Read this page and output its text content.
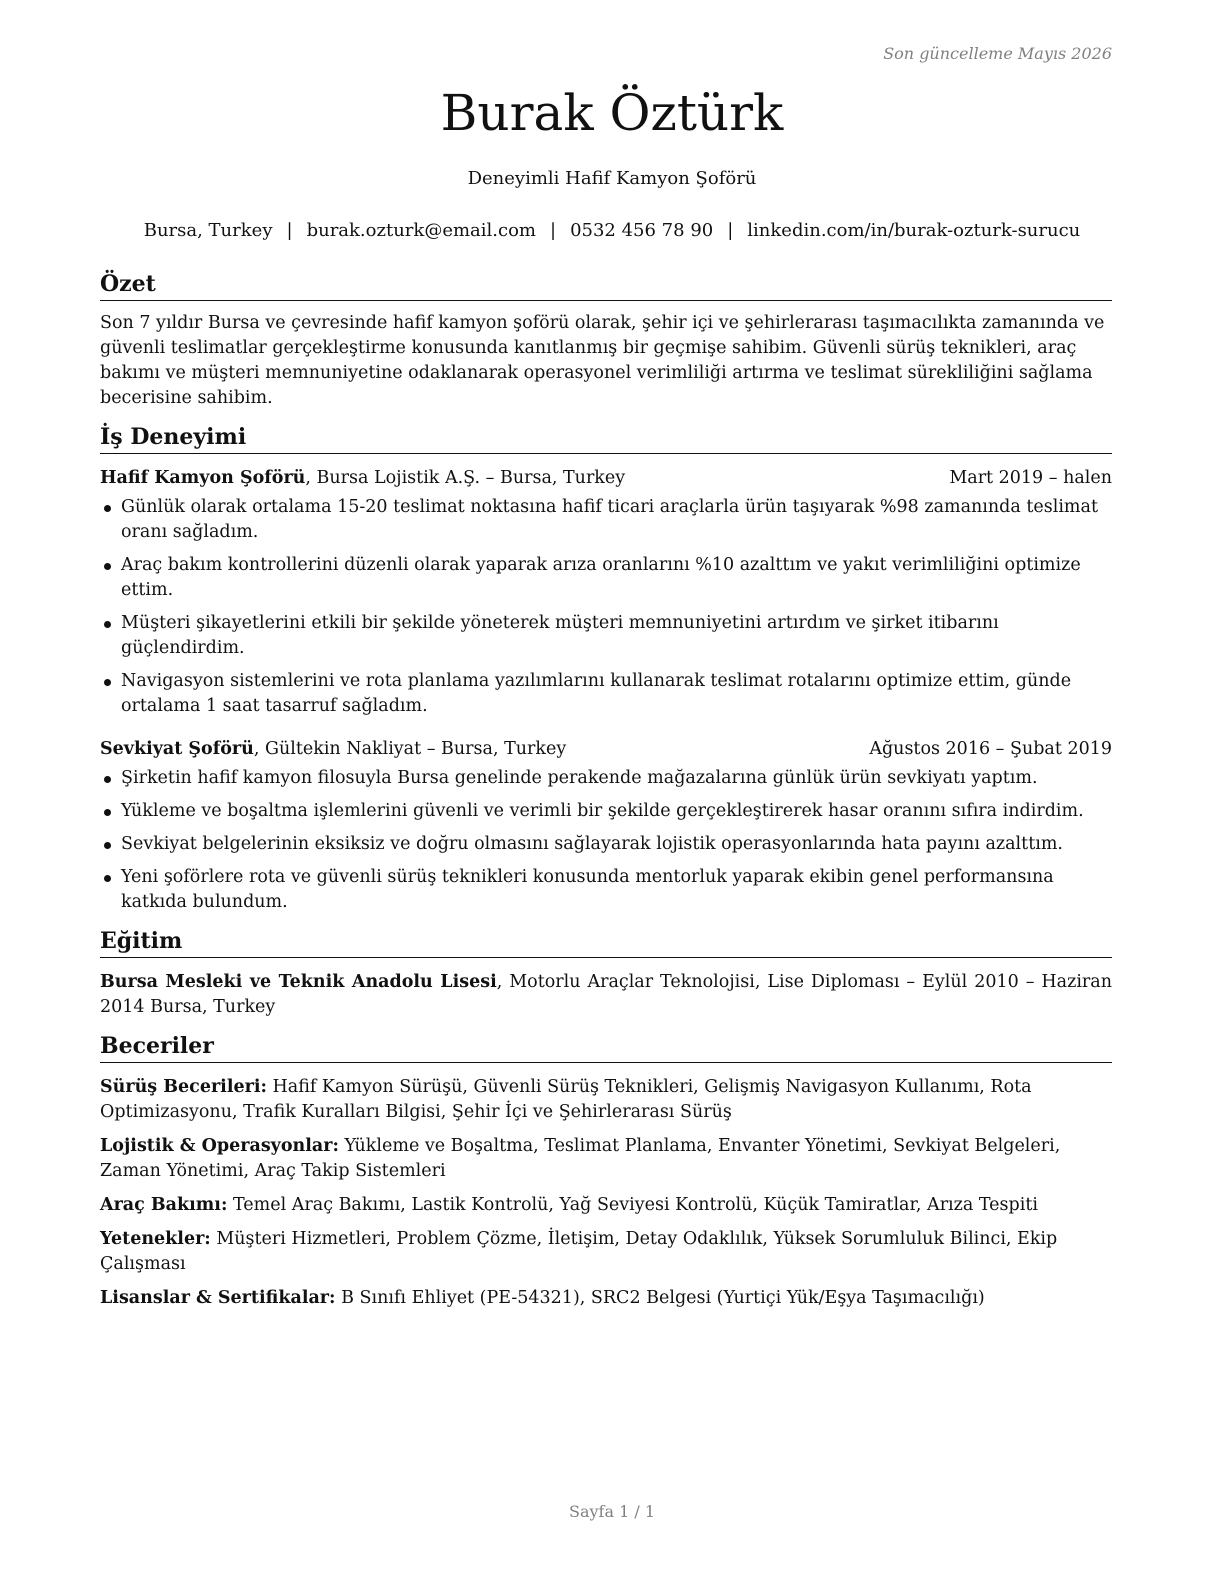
Son güncelleme Mayıs 2026
Burak Öztürk
Deneyimli Hafif Kamyon Şoförü
Bursa, Turkey | burak.ozturk@email.com | 0532 456 78 90 | linkedin.com/in/burak-ozturk-surucu
Özet

Son 7 yıldır Bursa ve çevresinde hafif kamyon şoförü olarak, şehir içi ve şehirlerarası taşımacılıkta zamanında ve güvenli teslimatlar gerçekleştirme konusunda kanıtlanmış bir geçmişe sahibim. Güvenli sürüş teknikleri, araç bakımı ve müşteri memnuniyetine odaklanarak operasyonel verimliliği artırma ve teslimat sürekliliğini sağlama becerisine sahibim.

İş Deneyimi
Hafif Kamyon Şoförü, Bursa Lojistik A.Ş. – Bursa, Turkey	Mart 2019 – halen
Günlük olarak ortalama 15-20 teslimat noktasına hafif ticari araçlarla ürün taşıyarak %98 zamanında teslimat oranı sağladım.
Araç bakım kontrollerini düzenli olarak yaparak arıza oranlarını %10 azalttım ve yakıt verimliliğini optimize ettim.
Müşteri şikayetlerini etkili bir şekilde yöneterek müşteri memnuniyetini artırdım ve şirket itibarını güçlendirdim.
Navigasyon sistemlerini ve rota planlama yazılımlarını kullanarak teslimat rotalarını optimize ettim, günde ortalama 1 saat tasarruf sağladım.
Sevkiyat Şoförü, Gültekin Nakliyat – Bursa, Turkey	Ağustos 2016 – Şubat 2019
Şirketin hafif kamyon filosuyla Bursa genelinde perakende mağazalarına günlük ürün sevkiyatı yaptım.
Yükleme ve boşaltma işlemlerini güvenli ve verimli bir şekilde gerçekleştirerek hasar oranını sıfıra indirdim.
Sevkiyat belgelerinin eksiksiz ve doğru olmasını sağlayarak lojistik operasyonlarında hata payını azalttım.
Yeni şoförlere rota ve güvenli sürüş teknikleri konusunda mentorluk yaparak ekibin genel performansına katkıda bulundum.
Eğitim
Bursa Mesleki ve Teknik Anadolu Lisesi, Motorlu Araçlar Teknolojisi, Lise Diploması – Eylül 2010 – Haziran 2014 Bursa, Turkey
Beceriler
Sürüş Becerileri: Hafif Kamyon Sürüşü, Güvenli Sürüş Teknikleri, Gelişmiş Navigasyon Kullanımı, Rota Optimizasyonu, Trafik Kuralları Bilgisi, Şehir İçi ve Şehirlerarası Sürüş
Lojistik & Operasyonlar: Yükleme ve Boşaltma, Teslimat Planlama, Envanter Yönetimi, Sevkiyat Belgeleri, Zaman Yönetimi, Araç Takip Sistemleri
Araç Bakımı: Temel Araç Bakımı, Lastik Kontrolü, Yağ Seviyesi Kontrolü, Küçük Tamiratlar, Arıza Tespiti
Yetenekler: Müşteri Hizmetleri, Problem Çözme, İletişim, Detay Odaklılık, Yüksek Sorumluluk Bilinci, Ekip Çalışması
Lisanslar & Sertifikalar: B Sınıfı Ehliyet (PE-54321), SRC2 Belgesi (Yurtiçi Yük/Eşya Taşımacılığı)
Sayfa 1 / 1
